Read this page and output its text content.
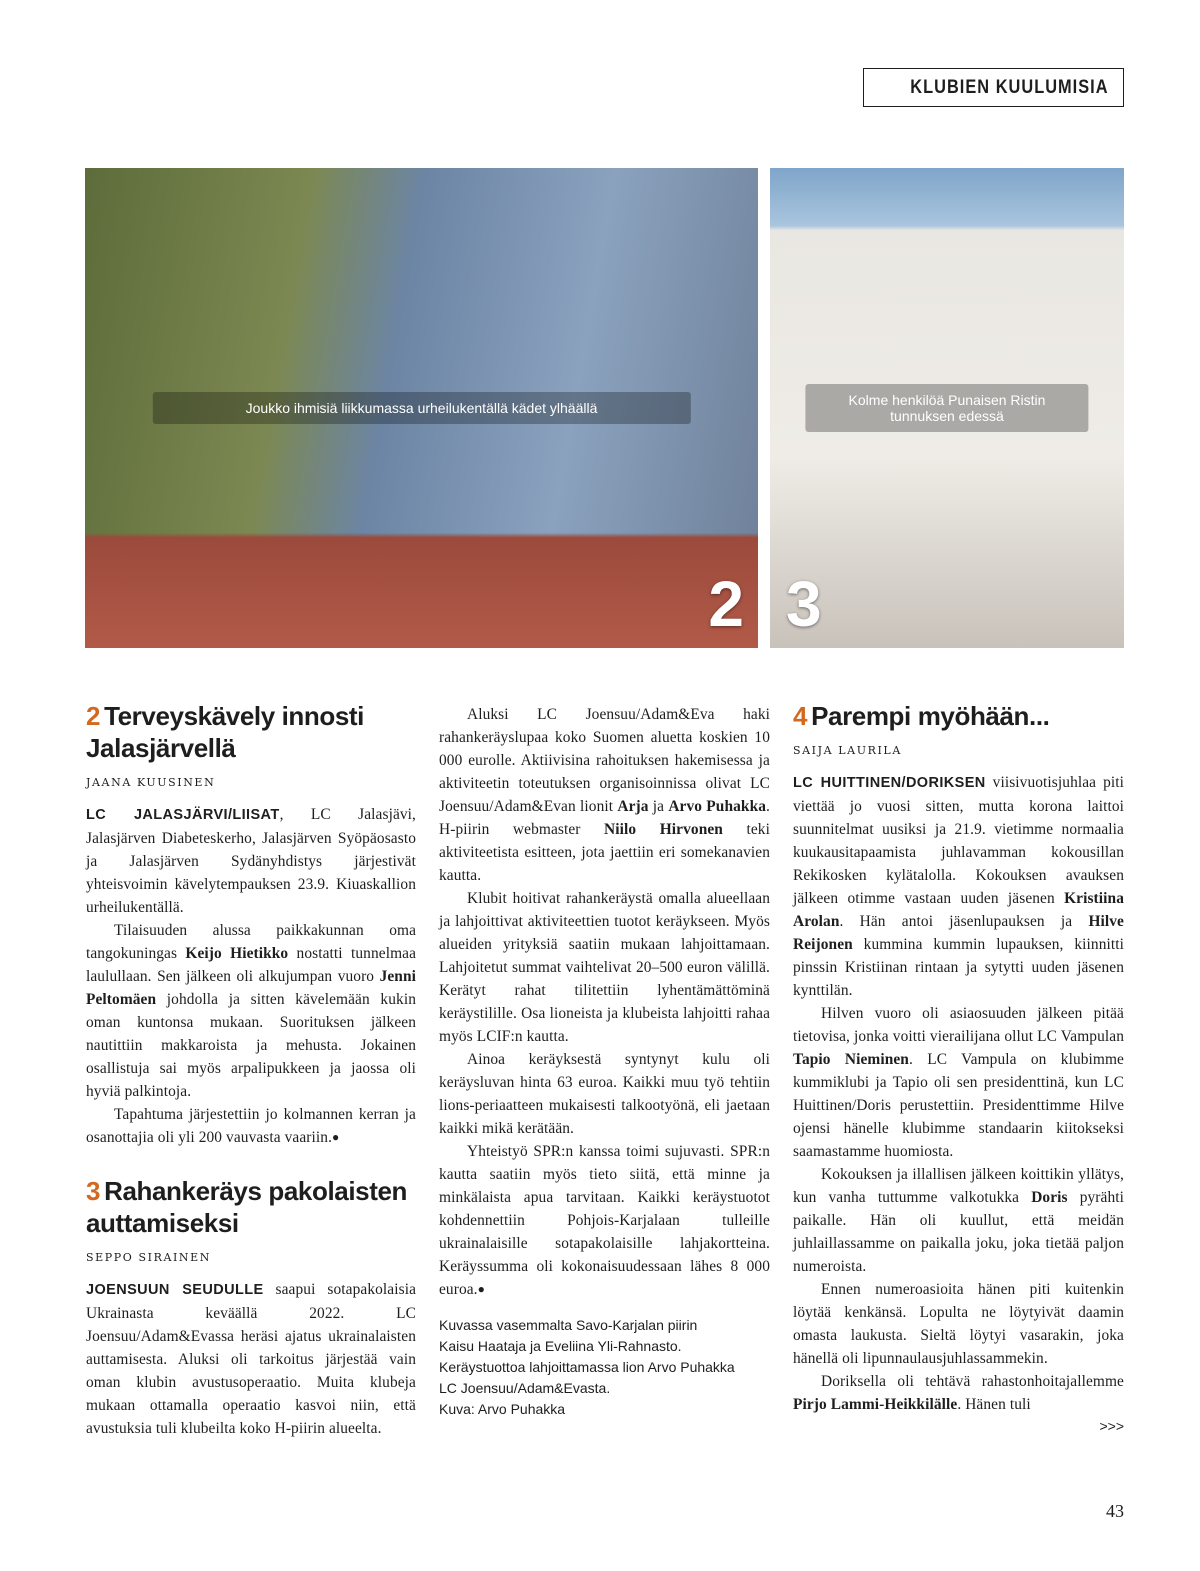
KLUBIEN KUULUMISIA
Joukko ihmisiä liikkumassa urheilukentällä kädet ylhäällä
2
Kolme henkilöä Punaisen Ristin tunnuksen edessä
3
2 Terveyskävely innosti Jalasjärvellä
JAANA KUUSINEN

LC JALASJÄRVI/LIISAT, LC Jalasjävi, Jalasjärven Diabeteskerho, Jalasjärven Syöpäosasto ja Jalasjärven Sydänyhdistys järjestivät yhteisvoimin kävelytempauksen 23.9. Kiuaskallion urheilukentällä.

Tilaisuuden alussa paikkakunnan oma tangokuningas Keijo Hietikko nostatti tunnelmaa laulullaan. Sen jälkeen oli alkujumpan vuoro Jenni Peltomäen johdolla ja sitten kävelemään kukin oman kuntonsa mukaan. Suorituksen jälkeen nautittiin makkaroista ja mehusta. Jokainen osallistuja sai myös arpalipukkeen ja jaossa oli hyviä palkintoja.

Tapahtuma järjestettiin jo kolmannen kerran ja osanottajia oli yli 200 vauvasta vaariin.●

3 Rahankeräys pakolaisten auttamiseksi
SEPPO SIRAINEN

JOENSUUN SEUDULLE saapui sotapakolaisia Ukrainasta keväällä 2022. LC Joensuu/Adam&Evassa heräsi ajatus ukrainalaisten auttamisesta. Aluksi oli tarkoitus järjestää vain oman klubin avustusoperaatio. Muita klubeja mukaan ottamalla operaatio kasvoi niin, että avustuksia tuli klubeilta koko H-piirin alueelta.

Aluksi LC Joensuu/Adam&Eva haki rahankeräyslupaa koko Suomen aluetta koskien 10 000 eurolle. Aktiivisina rahoituksen hakemisessa ja aktiviteetin toteutuksen organisoinnissa olivat LC Joensuu/Adam&Evan lionit Arja ja Arvo Puhakka. H-piirin webmaster Niilo Hirvonen teki aktiviteetista esitteen, jota jaettiin eri somekanavien kautta.

Klubit hoitivat rahankeräystä omalla alueellaan ja lahjoittivat aktiviteettien tuotot keräykseen. Myös alueiden yrityksiä saatiin mukaan lahjoittamaan. Lahjoitetut summat vaihtelivat 20–500 euron välillä. Kerätyt rahat tilitettiin lyhentämättöminä keräystilille. Osa lioneista ja klubeista lahjoitti rahaa myös LCIF:n kautta.

Ainoa keräyksestä syntynyt kulu oli keräysluvan hinta 63 euroa. Kaikki muu työ tehtiin lions-periaatteen mukaisesti talkootyönä, eli jaetaan kaikki mikä kerätään.

Yhteistyö SPR:n kanssa toimi sujuvasti. SPR:n kautta saatiin myös tieto siitä, että minne ja minkälaista apua tarvitaan. Kaikki keräystuotot kohdennettiin Pohjois-Karjalaan tulleille ukrainalaisille sotapakolaisille lahjakortteina. Keräyssumma oli kokonaisuudessaan lähes 8 000 euroa.●

Kuvassa vasemmalta Savo-Karjalan piirin
Kaisu Haataja ja Eveliina Yli-Rahnasto.
Keräystuottoa lahjoittamassa lion Arvo Puhakka
LC Joensuu/Adam&Evasta.
Kuva: Arvo Puhakka
4 Parempi myöhään...
SAIJA LAURILA

LC HUITTINEN/DORIKSEN viisivuotisjuhlaa piti viettää jo vuosi sitten, mutta korona laittoi suunnitelmat uusiksi ja 21.9. vietimme normaalia kuukausitapaamista juhlavamman kokousillan Rekikosken kylätalolla. Kokouksen avauksen jälkeen otimme vastaan uuden jäsenen Kristiina Arolan. Hän antoi jäsenlupauksen ja Hilve Reijonen kummina kummin lupauksen, kiinnitti pinssin Kristiinan rintaan ja sytytti uuden jäsenen kynttilän.

Hilven vuoro oli asiaosuuden jälkeen pitää tietovisa, jonka voitti vierailijana ollut LC Vampulan Tapio Nieminen. LC Vampula on klubimme kummiklubi ja Tapio oli sen presidenttinä, kun LC Huittinen/Doris perustettiin. Presidenttimme Hilve ojensi hänelle klubimme standaarin kiitokseksi saamastamme huomiosta.

Kokouksen ja illallisen jälkeen koittikin yllätys, kun vanha tuttumme valkotukka Doris pyrähti paikalle. Hän oli kuullut, että meidän juhlaillassamme on paikalla joku, joka tietää paljon numeroista.

Ennen numeroasioita hänen piti kuitenkin löytää kenkänsä. Lopulta ne löytyivät daamin omasta laukusta. Sieltä löytyi vasarakin, joka hänellä oli lipunnaulausjuhlassammekin.

Doriksella oli tehtävä rahastonhoitajallemme Pirjo Lammi-Heikkilälle. Hänen tuli

>>>
43
